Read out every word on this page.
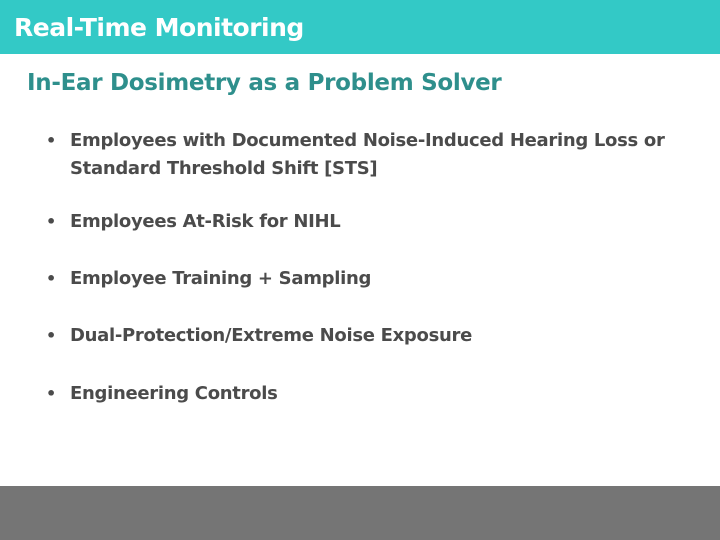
Real-Time Monitoring
In-Ear Dosimetry as a Problem Solver
• Employees with Documented Noise-Induced Hearing Loss or Standard Threshold Shift [STS]
• Employees At-Risk for NIHL
• Employee Training + Sampling
• Dual-Protection/Extreme Noise Exposure
• Engineering Controls
